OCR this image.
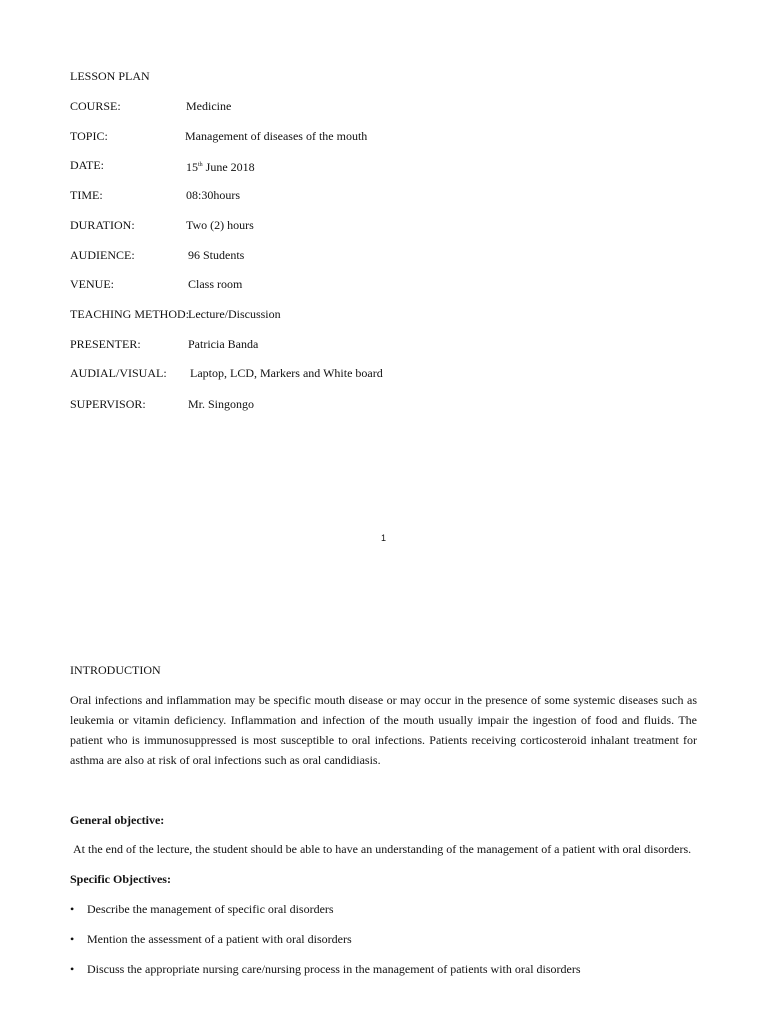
LESSON PLAN
COURSE:	Medicine
TOPIC:	Management of diseases of the mouth
DATE:	15th June 2018
TIME:	08:30hours
DURATION:	Two (2) hours
AUDIENCE:	96 Students
VENUE:	Class room
TEACHING METHOD: Lecture/Discussion
PRESENTER:	Patricia Banda
AUDIAL/VISUAL: Laptop, LCD, Markers and White board
SUPERVISOR:	Mr. Singongo
1
INTRODUCTION

Oral infections and inflammation may be specific mouth disease or may occur in the presence of some systemic diseases such as leukemia or vitamin deficiency. Inflammation and infection of the mouth usually impair the ingestion of food and fluids. The patient who is immunosuppressed is most susceptible to oral infections. Patients receiving corticosteroid inhalant treatment for asthma are also at risk of oral infections such as oral candidiasis.

General objective:
At the end of the lecture, the student should be able to have an understanding of the management of a patient with oral disorders.
Specific Objectives:
• Describe the management of specific oral disorders
• Mention the assessment of a patient with oral disorders
• Discuss the appropriate nursing care/nursing process in the management of patients with oral disorders
